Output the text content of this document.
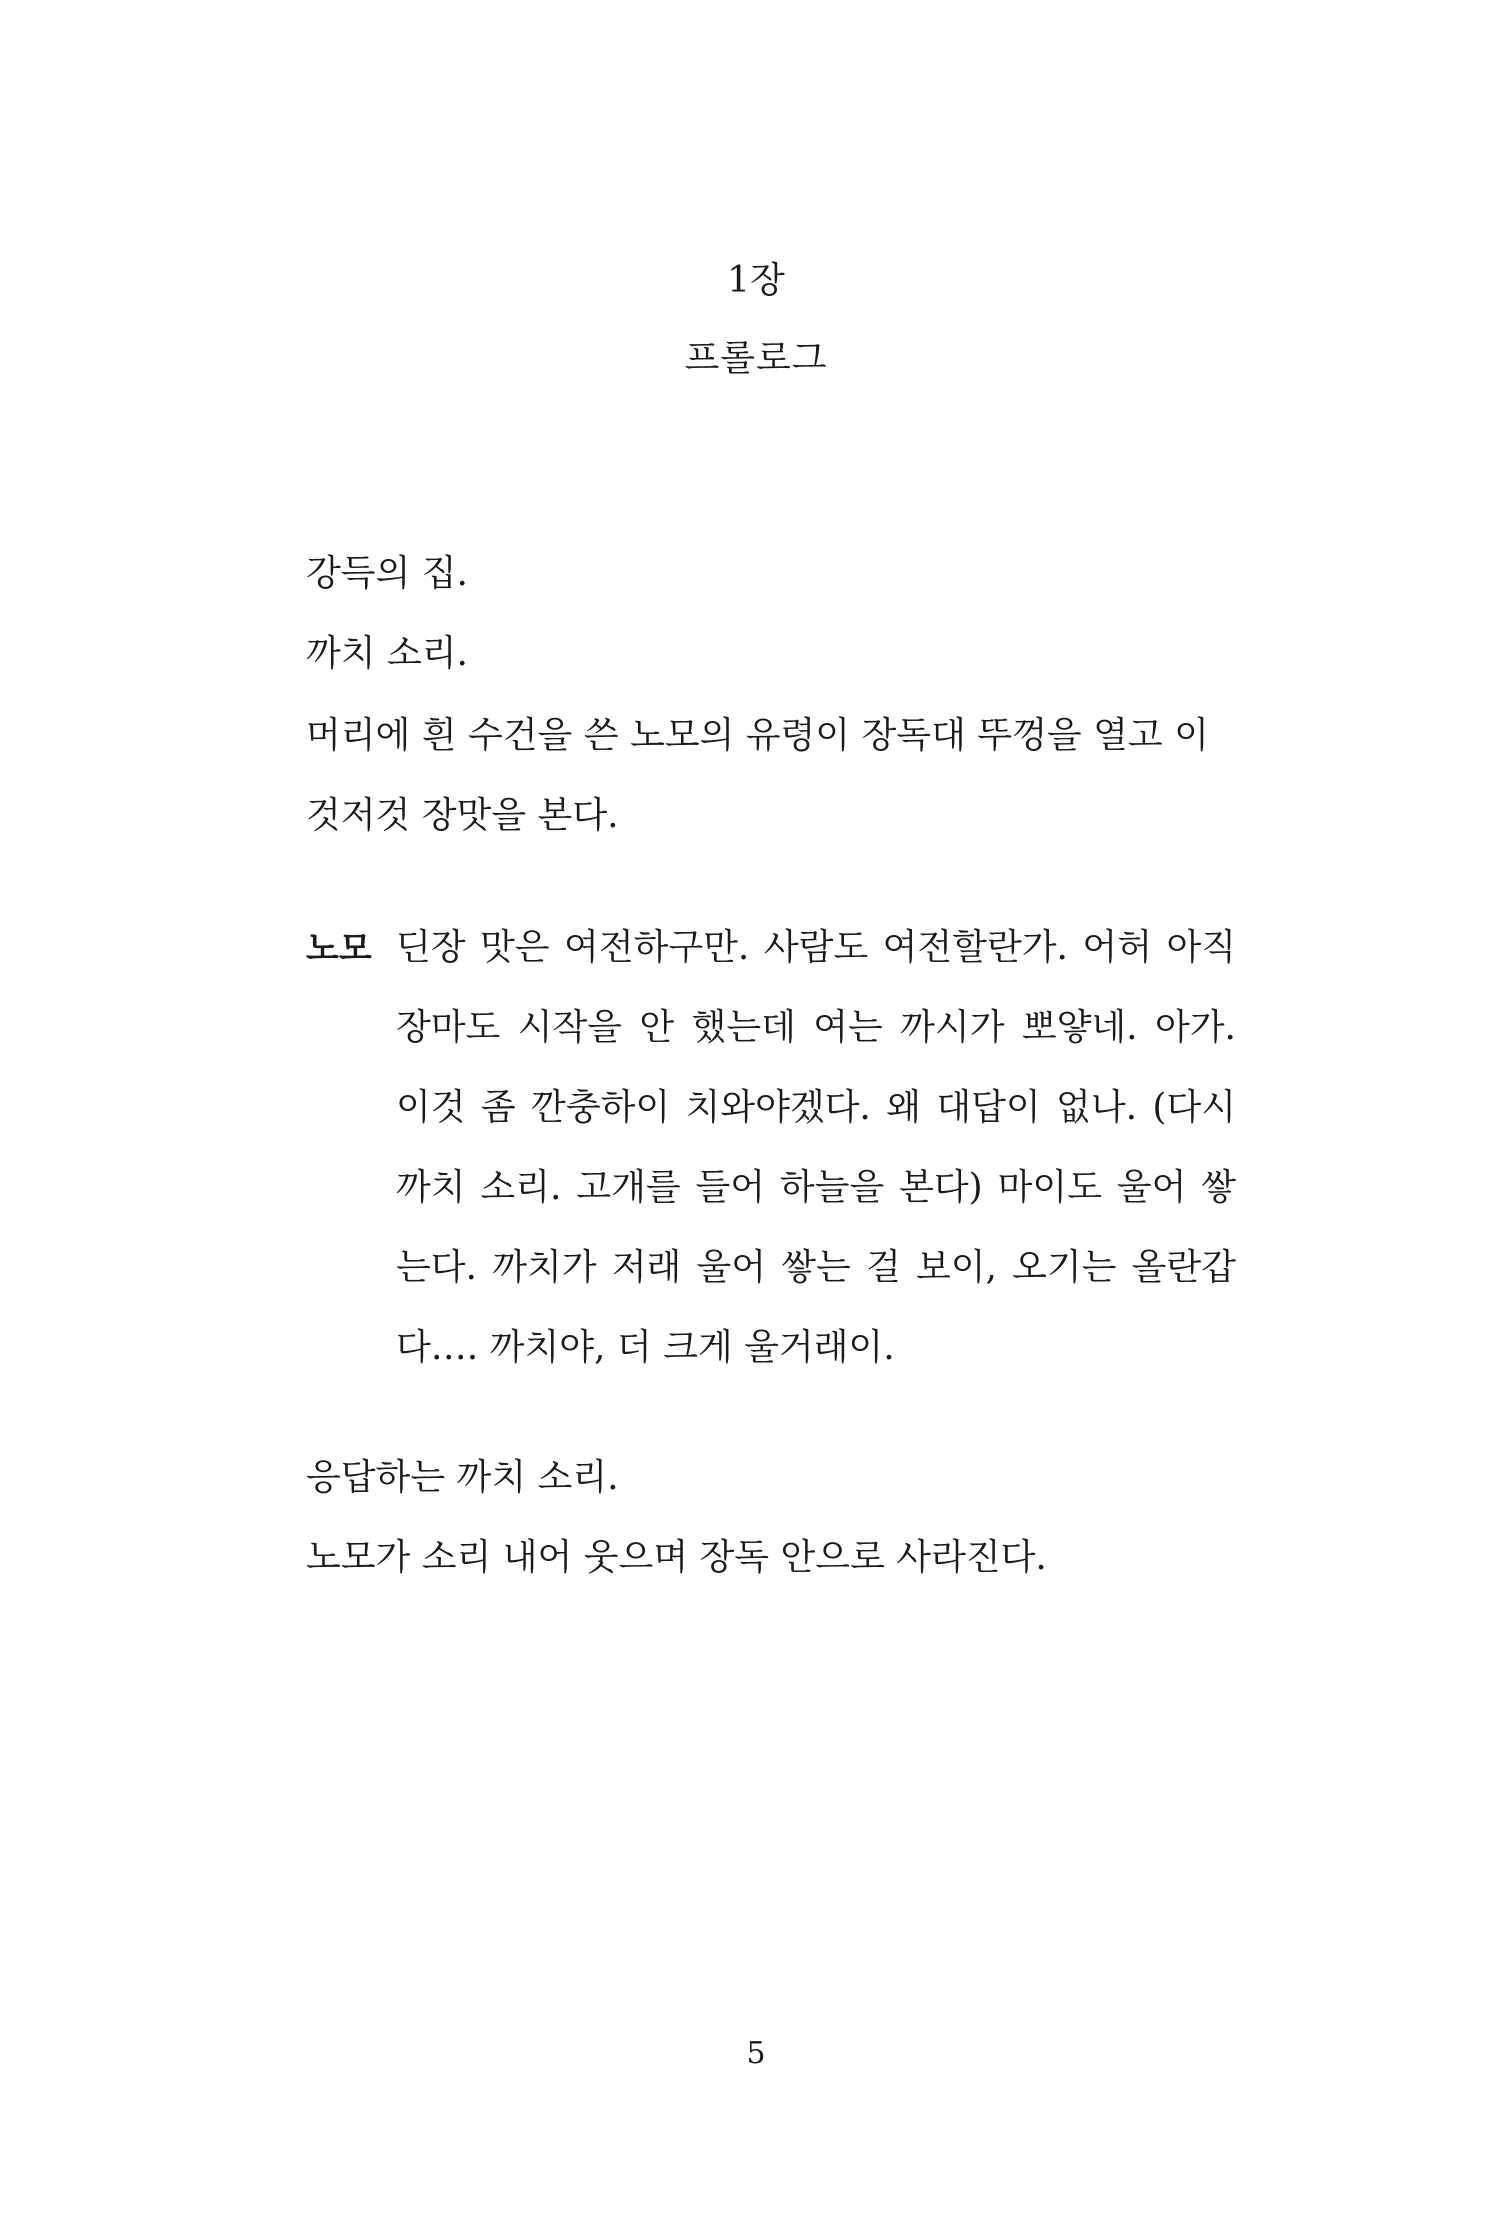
1장
프롤로그
강득의 집.
까치 소리.
머리에 흰 수건을 쓴 노모의 유령이 장독대 뚜껑을 열고 이
것저것 장맛을 본다.
노모 딘장 맛은 여전하구만. 사람도 여전할란가. 어허 아직
장마도 시작을 안 했는데 여는 까시가 뽀얗네. 아가.
이것 좀 깐충하이 치와야겠다. 왜 대답이 없나. (다시
까치 소리. 고개를 들어 하늘을 본다) 마이도 울어 쌓
는다. 까치가 저래 울어 쌓는 걸 보이, 오기는 올란갑
다…. 까치야, 더 크게 울거래이.
응답하는 까치 소리.
노모가 소리 내어 웃으며 장독 안으로 사라진다.
5
